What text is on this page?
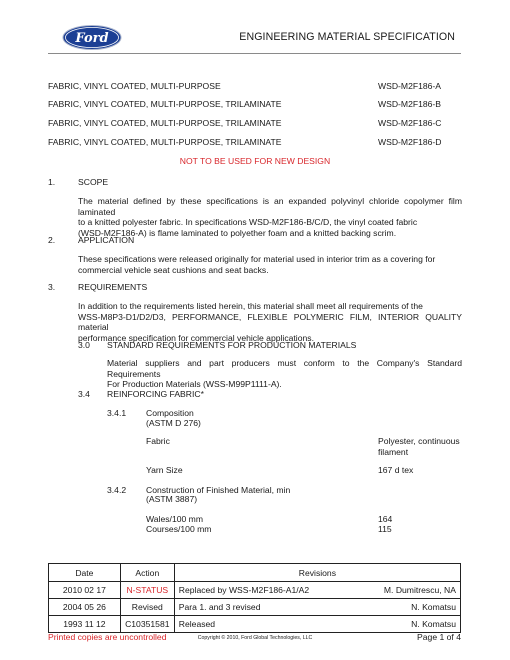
Ford	ENGINEERING MATERIAL SPECIFICATION
FABRIC, VINYL COATED, MULTI-PURPOSE	WSD-M2F186-A
FABRIC, VINYL COATED, MULTI-PURPOSE, TRILAMINATE	WSD-M2F186-B
FABRIC, VINYL COATED, MULTI-PURPOSE, TRILAMINATE	WSD-M2F186-C
FABRIC, VINYL COATED, MULTI-PURPOSE, TRILAMINATE	WSD-M2F186-D
NOT TO BE USED FOR NEW DESIGN
1.	SCOPE
The material defined by these specifications is an expanded polyvinyl chloride copolymer film laminated
to a knitted polyester fabric. In specifications WSD-M2F186-B/C/D, the vinyl coated fabric
(WSD-M2F186-A) is flame laminated to polyether foam and a knitted backing scrim.
2.	APPLICATION
These specifications were released originally for material used in interior trim as a covering for
commercial vehicle seat cushions and seat backs.
3.	REQUIREMENTS
In addition to the requirements listed herein, this material shall meet all requirements of the
WSS-M8P3-D1/D2/D3, PERFORMANCE, FLEXIBLE POLYMERIC FILM, INTERIOR QUALITY material
performance specification for commercial vehicle applications.
3.0 STANDARD REQUIREMENTS FOR PRODUCTION MATERIALS
Material suppliers and part producers must conform to the Company's Standard Requirements
For Production Materials (WSS-M99P1111-A).
3.4 REINFORCING FABRIC*
3.4.1 Composition
(ASTM D 276)
Fabric	Polyester, continuous
filament
Yarn Size	167 d tex
3.4.2 Construction of Finished Material, min
(ASTM 3887)
Wales/100 mm	164
Courses/100 mm	115
Date	Action	Revisions	
2010 02 17	N-STATUS	Replaced by WSS-M2F186-A1/A2	M. Dumitrescu, NA
2004 05 26	Revised	Para 1. and 3 revised	N. Komatsu
1993 11 12	C10351581	Released	N. Komatsu
Printed copies are uncontrolled	Copyright © 2010, Ford Global Technologies, LLC	Page 1 of 4
